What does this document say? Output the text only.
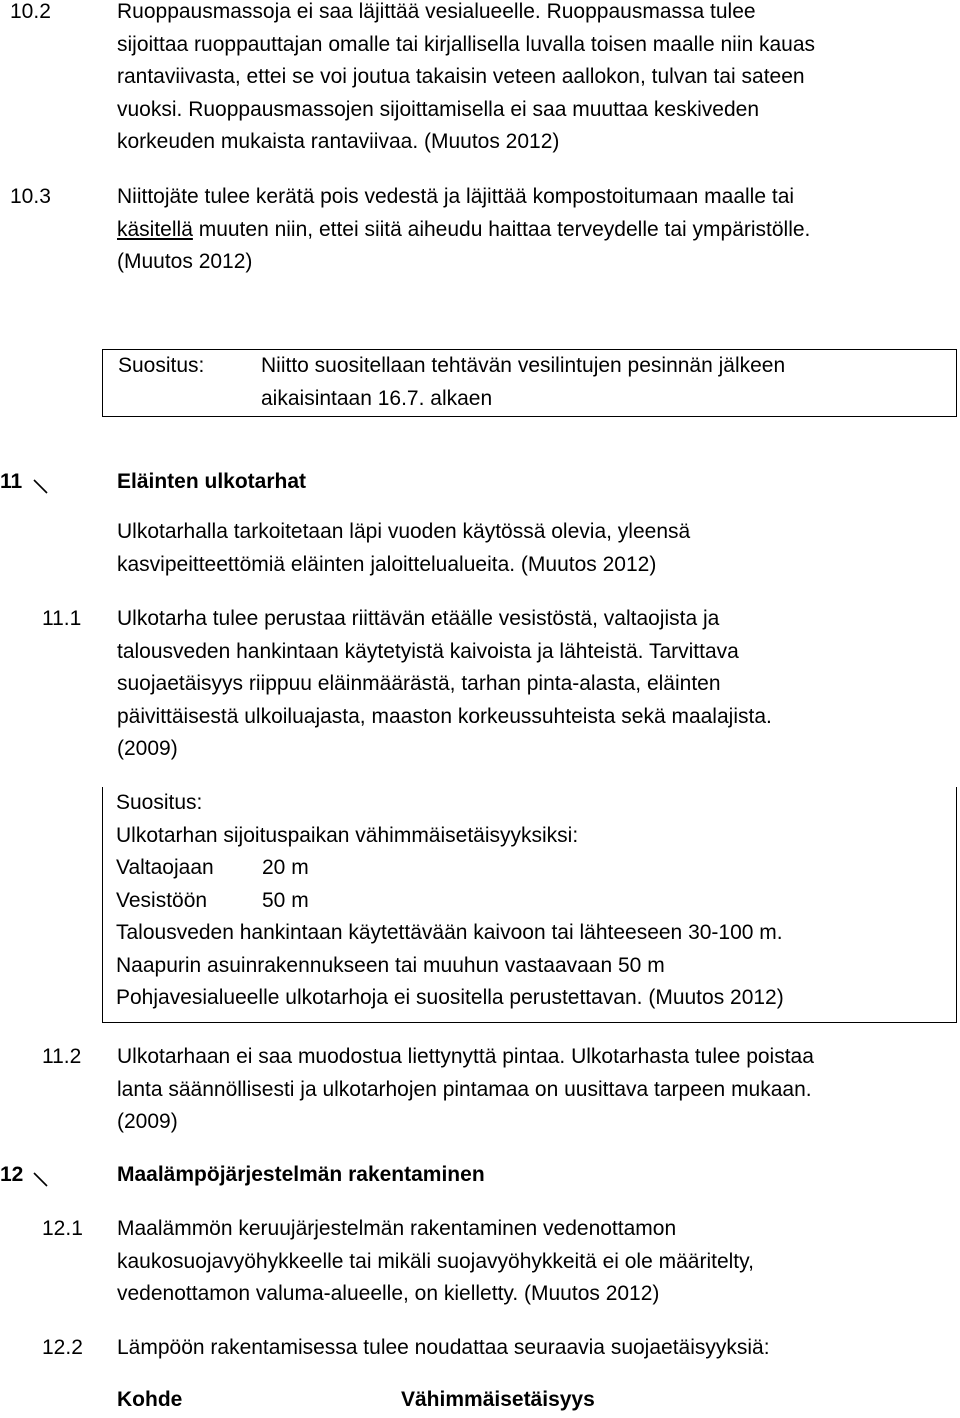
10.2	Ruoppausmassoja ei saa läjittää vesialueelle. Ruoppausmassa tulee
sijoittaa ruoppauttajan omalle tai kirjallisella luvalla toisen maalle niin kauas
rantaviivasta, ettei se voi joutua takaisin veteen aallokon, tulvan tai sateen
vuoksi. Ruoppausmassojen sijoittamisella ei saa muuttaa keskiveden
korkeuden mukaista rantaviivaa. (Muutos 2012)
10.3	Niittojäte tulee kerätä pois vedestä ja läjittää kompostoitumaan maalle tai
käsitellä muuten niin, ettei siitä aiheudu haittaa terveydelle tai ympäristölle.
(Muutos 2012)
Suositus:	Niitto suositellaan tehtävän vesilintujen pesinnän jälkeen
aikaisintaan 16.7. alkaen
11	Eläinten ulkotarhat
Ulkotarhalla tarkoitetaan läpi vuoden käytössä olevia, yleensä
kasvipeitteettömiä eläinten jaloittelualueita. (Muutos 2012)
11.1 Ulkotarha tulee perustaa riittävän etäälle vesistöstä, valtaojista ja
talousveden hankintaan käytetyistä kaivoista ja lähteistä. Tarvittava
suojaetäisyys riippuu eläinmäärästä, tarhan pinta-alasta, eläinten
päivittäisestä ulkoiluajasta, maaston korkeussuhteista sekä maalajista.
(2009)
Suositus:
Ulkotarhan sijoituspaikan vähimmäisetäisyyksiksi:
Valtaojaan 20 m
Vesistöön	50 m
Talousveden hankintaan käytettävään kaivoon tai lähteeseen 30-100 m.
Naapurin asuinrakennukseen tai muuhun vastaavaan 50 m
Pohjavesialueelle ulkotarhoja ei suositella perustettavan. (Muutos 2012)
11.2 Ulkotarhaan ei saa muodostua liettynyttä pintaa. Ulkotarhasta tulee poistaa
lanta säännöllisesti ja ulkotarhojen pintamaa on uusittava tarpeen mukaan.
(2009)
12	Maalämpöjärjestelmän rakentaminen
12.1 Maalämmön keruujärjestelmän rakentaminen vedenottamon
kaukosuojavyöhykkeelle tai mikäli suojavyöhykkeitä ei ole määritelty,
vedenottamon valuma-alueelle, on kielletty. (Muutos 2012)
12.2 Lämpöön rakentamisessa tulee noudattaa seuraavia suojaetäisyyksiä:
Kohde	Vähimmäisetäisyys
